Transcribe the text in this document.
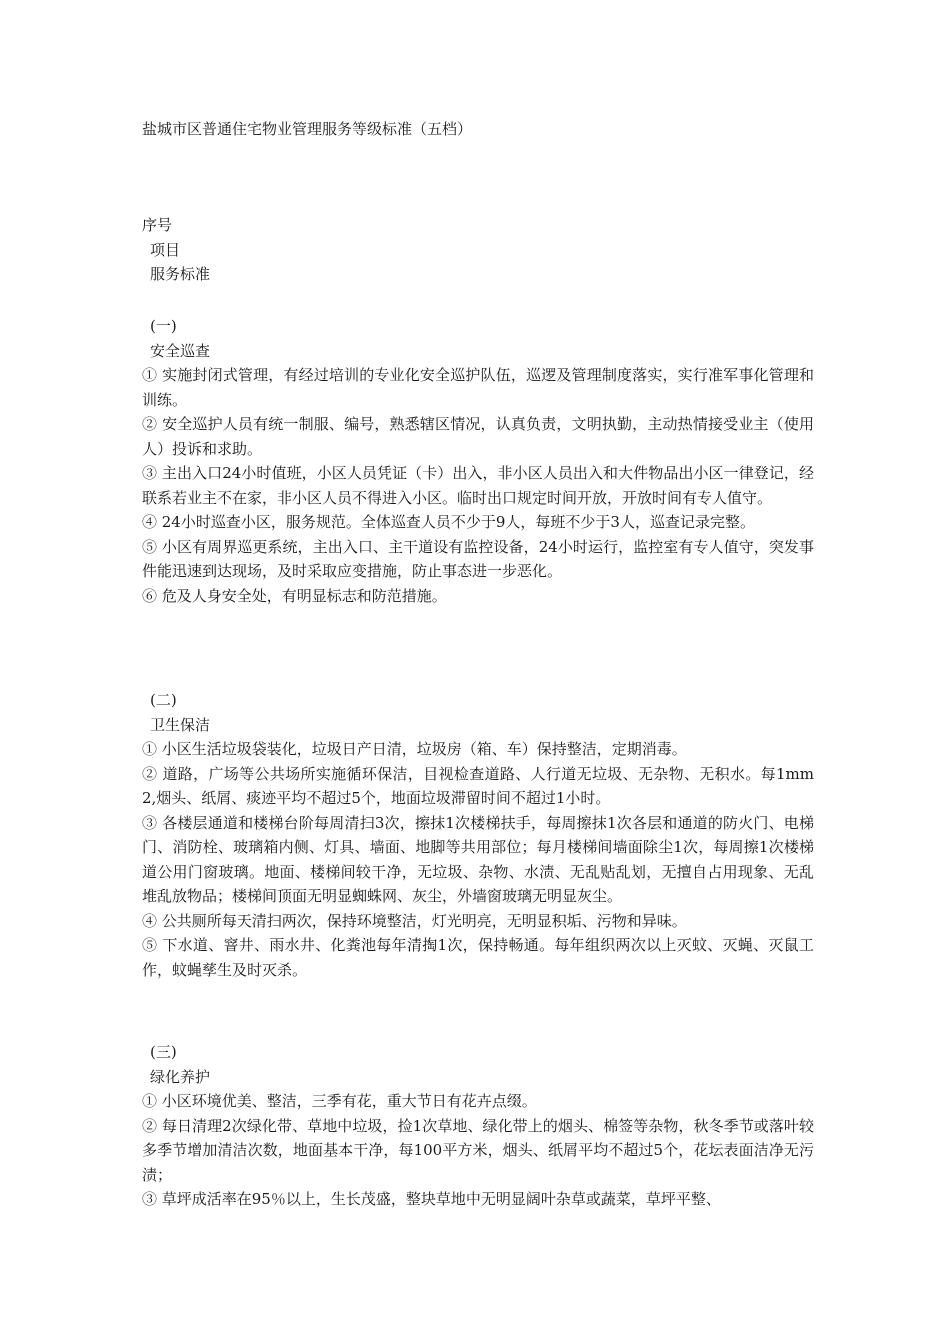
盐城市区普通住宅物业管理服务等级标准（五档）
序号
项目
服务标准
(一)
安全巡查

① 实施封闭式管理，有经过培训的专业化安全巡护队伍，巡逻及管理制度落实，实行准军事化管理和训练。

② 安全巡护人员有统一制服、编号，熟悉辖区情况，认真负责，文明执勤，主动热情接受业主（使用人）投诉和求助。

③ 主出入口24小时值班，小区人员凭证（卡）出入，非小区人员出入和大件物品出小区一律登记，经联系若业主不在家，非小区人员不得进入小区。临时出口规定时间开放，开放时间有专人值守。

④ 24小时巡查小区，服务规范。全体巡查人员不少于9人，每班不少于3人，巡查记录完整。

⑤ 小区有周界巡更系统，主出入口、主干道设有监控设备，24小时运行，监控室有专人值守，突发事件能迅速到达现场，及时采取应变措施，防止事态进一步恶化。

⑥ 危及人身安全处，有明显标志和防范措施。

(二)
卫生保洁

① 小区生活垃圾袋装化，垃圾日产日清，垃圾房（箱、车）保持整洁，定期消毒。

② 道路，广场等公共场所实施循环保洁，目视检查道路、人行道无垃圾、无杂物、无积水。每1mm2,烟头、纸屑、痰迹平均不超过5个，地面垃圾滞留时间不超过1小时。

③ 各楼层通道和楼梯台阶每周清扫3次，擦抹1次楼梯扶手，每周擦抹1次各层和通道的防火门、电梯门、消防栓、玻璃箱内侧、灯具、墙面、地脚等共用部位；每月楼梯间墙面除尘1次，每周擦1次楼梯道公用门窗玻璃。地面、楼梯间较干净，无垃圾、杂物、水渍、无乱贴乱划，无擅自占用现象、无乱堆乱放物品；楼梯间顶面无明显蜘蛛网、灰尘，外墙窗玻璃无明显灰尘。

④ 公共厕所每天清扫两次，保持环境整洁，灯光明亮，无明显积垢、污物和异味。

⑤ 下水道、窨井、雨水井、化粪池每年清掏1次，保持畅通。每年组织两次以上灭蚊、灭蝇、灭鼠工作，蚊蝇孳生及时灭杀。

(三)
绿化养护

① 小区环境优美、整洁，三季有花，重大节日有花卉点缀。

② 每日清理2次绿化带、草地中垃圾，捡1次草地、绿化带上的烟头、棉签等杂物，秋冬季节或落叶较多季节增加清洁次数，地面基本干净，每100平方米，烟头、纸屑平均不超过5个，花坛表面洁净无污渍；

③ 草坪成活率在95％以上，生长茂盛，整块草地中无明显阔叶杂草或蔬菜，草坪平整、
